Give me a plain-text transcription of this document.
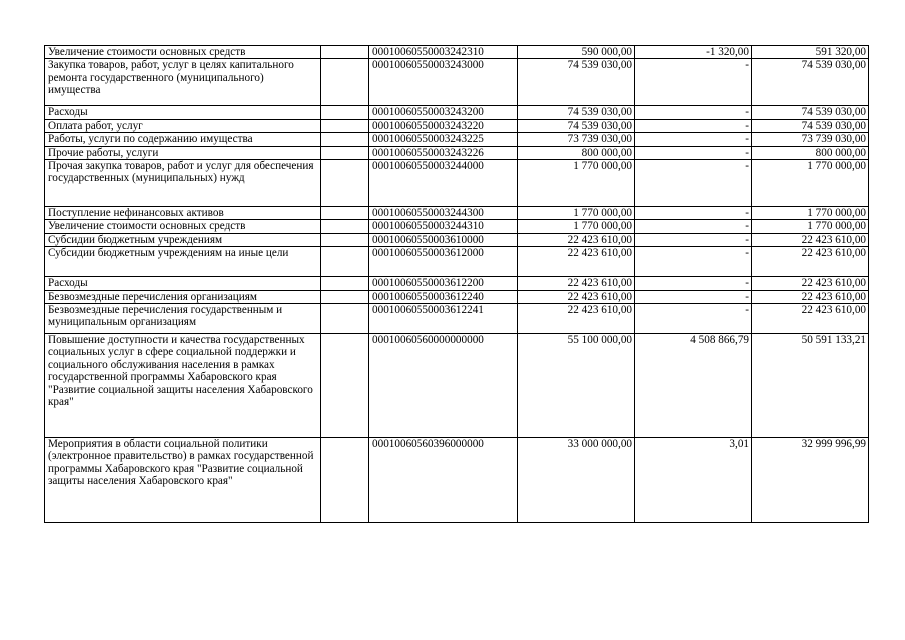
Увеличение стоимости основных средств		00010060550003242310	590 000,00	-1 320,00	591 320,00
Закупка товаров, работ, услуг в целях капитального ремонта государственного (муниципального) имущества		00010060550003243000	74 539 030,00	-	74 539 030,00
Расходы		00010060550003243200	74 539 030,00	-	74 539 030,00
Оплата работ, услуг		00010060550003243220	74 539 030,00	-	74 539 030,00
Работы, услуги по содержанию имущества		00010060550003243225	73 739 030,00	-	73 739 030,00
Прочие работы, услуги		00010060550003243226	800 000,00	-	800 000,00
Прочая закупка товаров, работ и услуг для обеспечения государственных (муниципальных) нужд		00010060550003244000	1 770 000,00	-	1 770 000,00
Поступление нефинансовых активов		00010060550003244300	1 770 000,00	-	1 770 000,00
Увеличение стоимости основных средств		00010060550003244310	1 770 000,00	-	1 770 000,00
Субсидии бюджетным учреждениям		00010060550003610000	22 423 610,00	-	22 423 610,00
Субсидии бюджетным учреждениям на иные цели		00010060550003612000	22 423 610,00	-	22 423 610,00
Расходы		00010060550003612200	22 423 610,00	-	22 423 610,00
Безвозмездные перечисления организациям		00010060550003612240	22 423 610,00	-	22 423 610,00
Безвозмездные перечисления государственным и муниципальным организациям		00010060550003612241	22 423 610,00	-	22 423 610,00
Повышение доступности и качества государственных социальных услуг в сфере социальной поддержки и социального обслуживания населения в рамках государственной программы Хабаровского края "Развитие социальной защиты населения Хабаровского края"		00010060560000000000	55 100 000,00	4 508 866,79	50 591 133,21
Мероприятия в области социальной политики (электронное правительство) в рамках государственной программы Хабаровского края "Развитие социальной защиты населения Хабаровского края"		00010060560396000000	33 000 000,00	3,01	32 999 996,99
